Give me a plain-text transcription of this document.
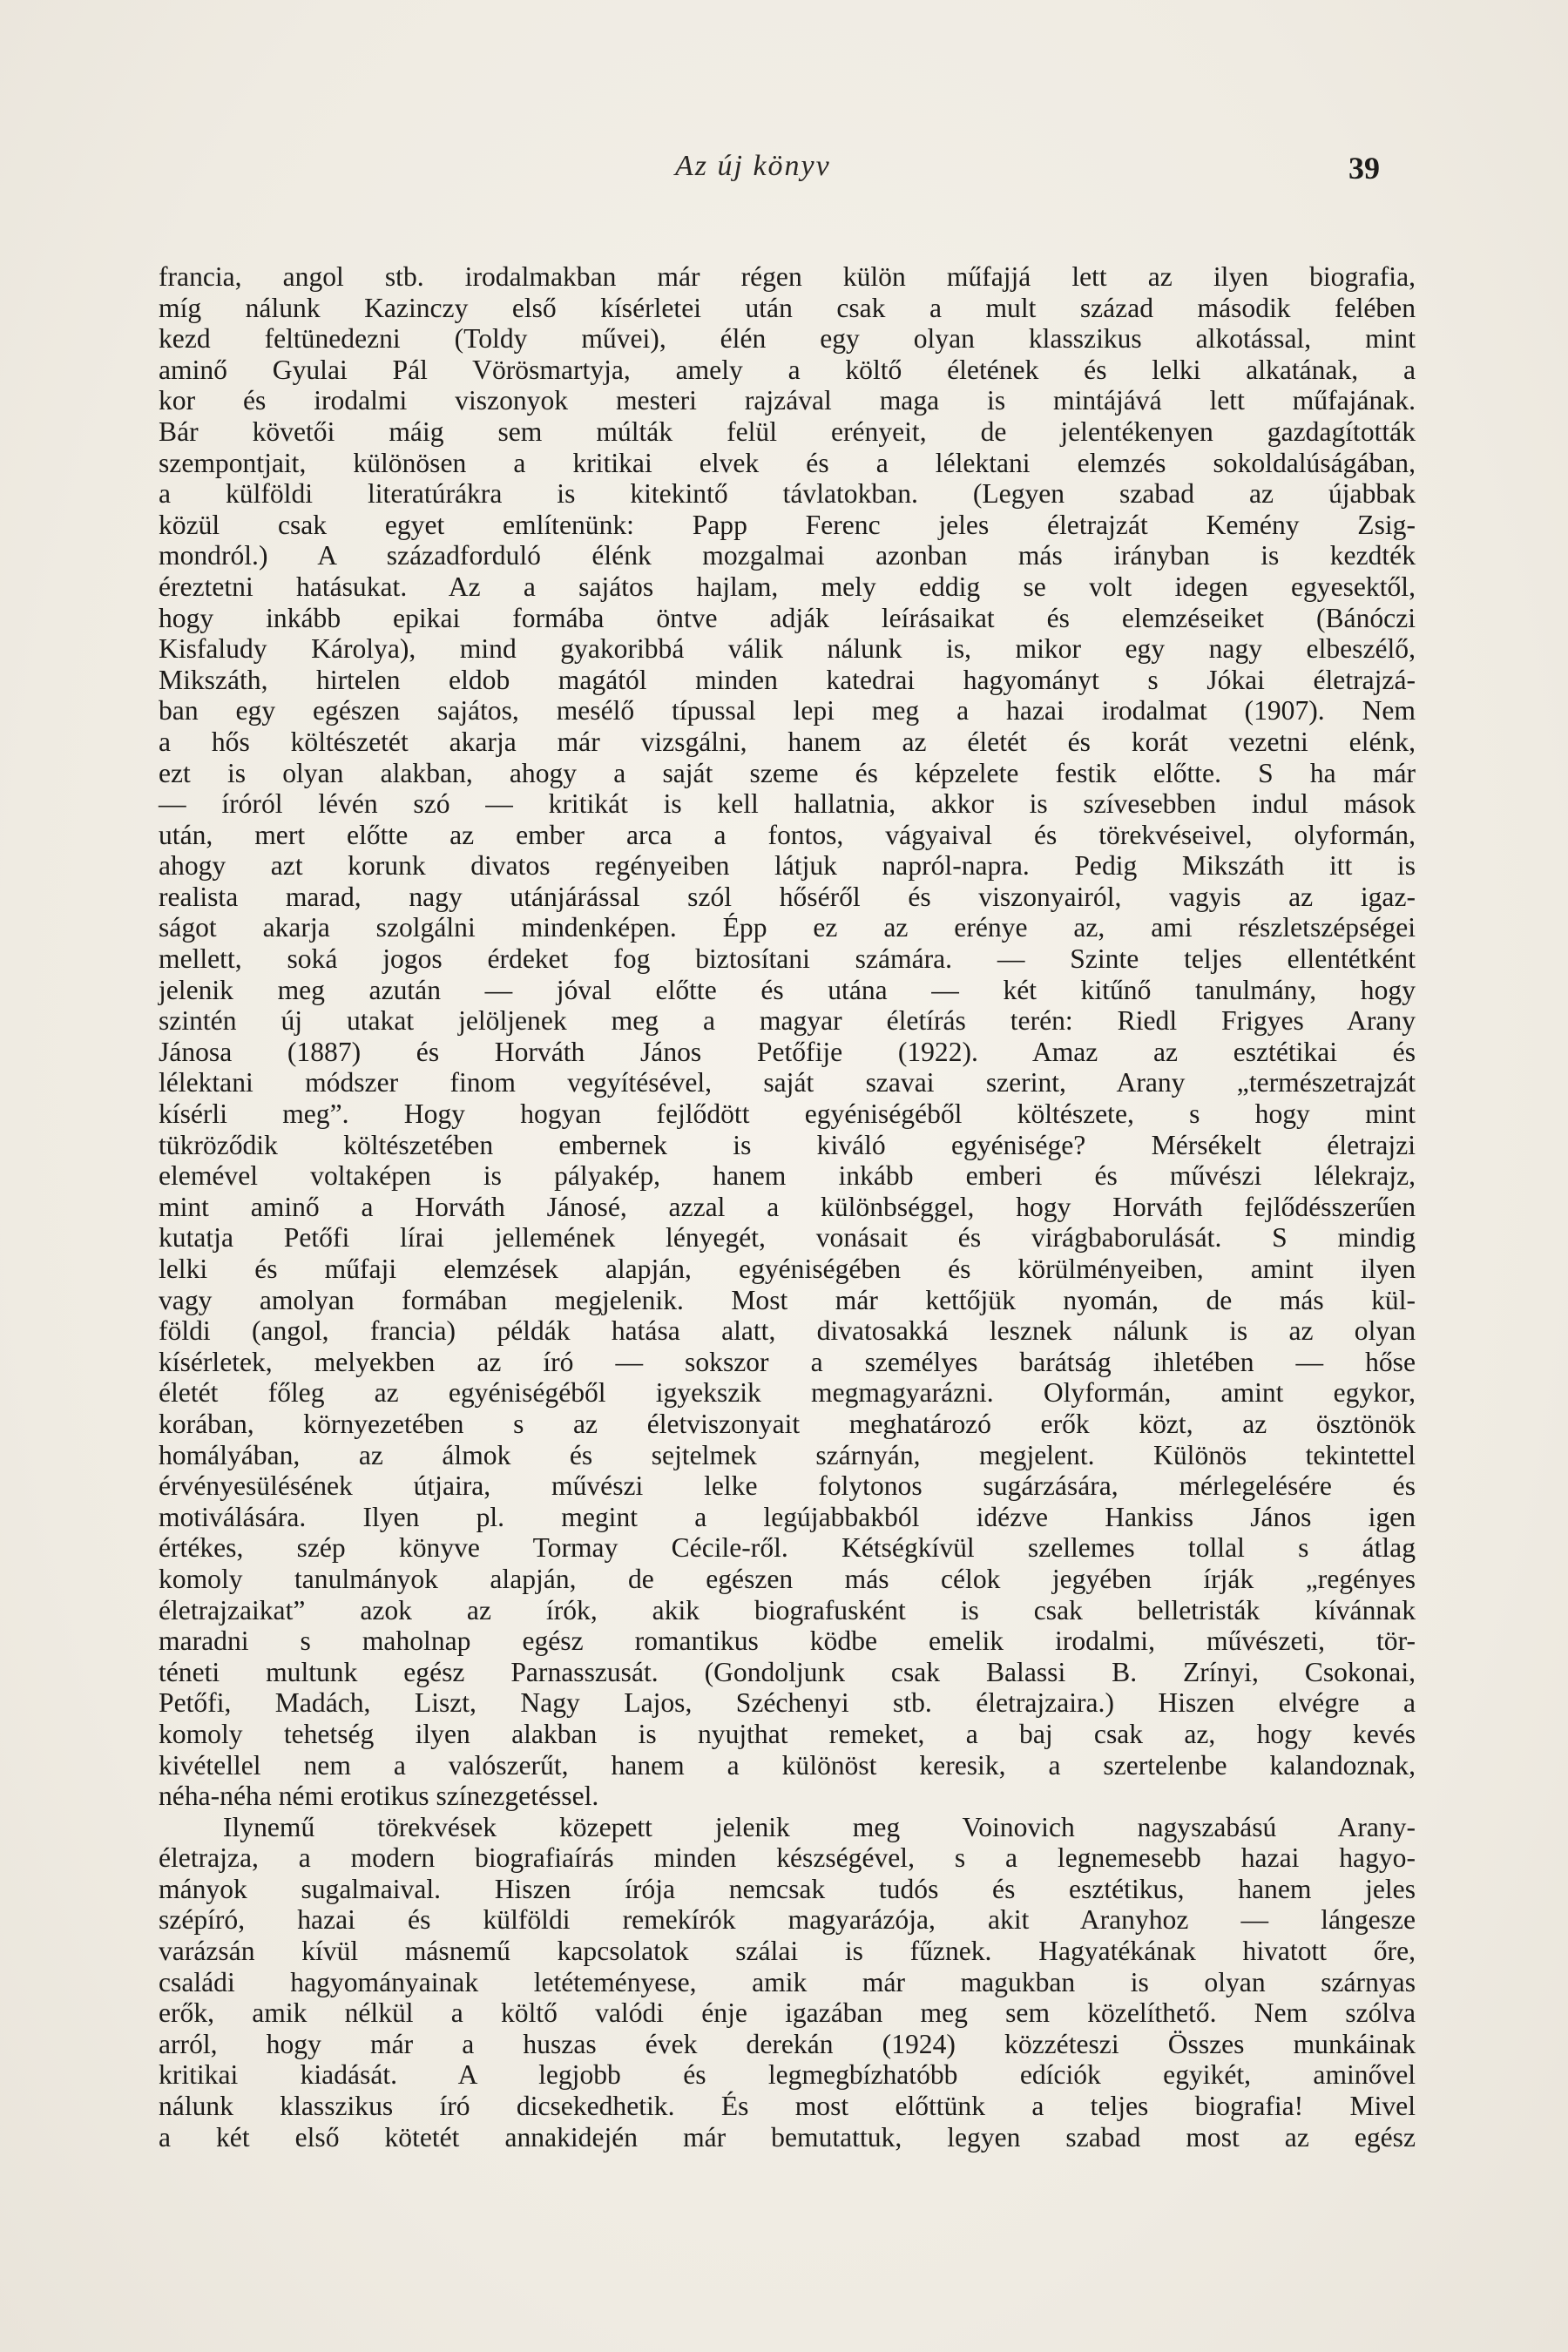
Az új könyv	39
francia, angol stb. irodalmakban már régen külön műfajjá lett az ilyen biografia,
míg nálunk Kazinczy első kísérletei után csak a mult század második felében
kezd feltünedezni (Toldy művei), élén egy olyan klasszikus alkotással, mint
aminő Gyulai Pál Vörösmartyja, amely a költő életének és lelki alkatának, a
kor és irodalmi viszonyok mesteri rajzával maga is mintájává lett műfajának.
Bár követői máig sem múlták felül erényeit, de jelentékenyen gazdagították
szempontjait, különösen a kritikai elvek és a lélektani elemzés sokoldalúságában,
a külföldi literatúrákra is kitekintő távlatokban. (Legyen szabad az újabbak
közül csak egyet említenünk: Papp Ferenc jeles életrajzát Kemény Zsig-
mondról.) A századforduló élénk mozgalmai azonban más irányban is kezdték
éreztetni hatásukat. Az a sajátos hajlam, mely eddig se volt idegen egyesektől,
hogy inkább epikai formába öntve adják leírásaikat és elemzéseiket (Bánóczi
Kisfaludy Károlya), mind gyakoribbá válik nálunk is, mikor egy nagy elbeszélő,
Mikszáth, hirtelen eldob magától minden katedrai hagyományt s Jókai életrajzá-
ban egy egészen sajátos, mesélő típussal lepi meg a hazai irodalmat (1907). Nem
a hős költészetét akarja már vizsgálni, hanem az életét és korát vezetni elénk,
ezt is olyan alakban, ahogy a saját szeme és képzelete festik előtte. S ha már
— íróról lévén szó — kritikát is kell hallatnia, akkor is szívesebben indul mások
után, mert előtte az ember arca a fontos, vágyaival és törekvéseivel, olyformán,
ahogy azt korunk divatos regényeiben látjuk napról-napra. Pedig Mikszáth itt is
realista marad, nagy utánjárással szól hőséről és viszonyairól, vagyis az igaz-
ságot akarja szolgálni mindenképen. Épp ez az erénye az, ami részletszépségei
mellett, soká jogos érdeket fog biztosítani számára. — Szinte teljes ellentétként
jelenik meg azután — jóval előtte és utána — két kitűnő tanulmány, hogy
szintén új utakat jelöljenek meg a magyar életírás terén: Riedl Frigyes Arany
Jánosa (1887) és Horváth János Petőfije (1922). Amaz az esztétikai és
lélektani módszer finom vegyítésével, saját szavai szerint, Arany „természetrajzát
kísérli meg”. Hogy hogyan fejlődött egyéniségéből költészete, s hogy mint
tükröződik költészetében embernek is kiváló egyénisége? Mérsékelt életrajzi
elemével voltaképen is pályakép, hanem inkább emberi és művészi lélekrajz,
mint aminő a Horváth Jánosé, azzal a különbséggel, hogy Horváth fejlődésszerűen
kutatja Petőfi lírai jellemének lényegét, vonásait és virágbaborulását. S mindig
lelki és műfaji elemzések alapján, egyéniségében és körülményeiben, amint ilyen
vagy amolyan formában megjelenik. Most már kettőjük nyomán, de más kül-
földi (angol, francia) példák hatása alatt, divatosakká lesznek nálunk is az olyan
kísérletek, melyekben az író — sokszor a személyes barátság ihletében — hőse
életét főleg az egyéniségéből igyekszik megmagyarázni. Olyformán, amint egykor,
korában, környezetében s az életviszonyait meghatározó erők közt, az ösztönök
homályában, az álmok és sejtelmek szárnyán, megjelent. Különös tekintettel
érvényesülésének útjaira, művészi lelke folytonos sugárzására, mérlegelésére és
motiválására. Ilyen pl. megint a legújabbakból idézve Hankiss János igen
értékes, szép könyve Tormay Cécile-ről. Kétségkívül szellemes tollal s átlag
komoly tanulmányok alapján, de egészen más célok jegyében írják „regényes
életrajzaikat” azok az írók, akik biografusként is csak belletristák kívánnak
maradni s maholnap egész romantikus ködbe emelik irodalmi, művészeti, tör-
téneti multunk egész Parnasszusát. (Gondoljunk csak Balassi B. Zrínyi, Csokonai,
Petőfi, Madách, Liszt, Nagy Lajos, Széchenyi stb. életrajzaira.) Hiszen elvégre a
komoly tehetség ilyen alakban is nyujthat remeket, a baj csak az, hogy kevés
kivétellel nem a valószerűt, hanem a különöst keresik, a szertelenbe kalandoznak,
néha-néha némi erotikus színezgetéssel.
Ilynemű törekvések közepett jelenik meg Voinovich nagyszabású Arany-
életrajza, a modern biografiaírás minden készségével, s a legnemesebb hazai hagyo-
mányok sugalmaival. Hiszen írója nemcsak tudós és esztétikus, hanem jeles
szépíró, hazai és külföldi remekírók magyarázója, akit Aranyhoz — lángesze
varázsán kívül másnemű kapcsolatok szálai is fűznek. Hagyatékának hivatott őre,
családi hagyományainak letéteményese, amik már magukban is olyan szárnyas
erők, amik nélkül a költő valódi énje igazában meg sem közelíthető. Nem szólva
arról, hogy már a huszas évek derekán (1924) közzéteszi Összes munkáinak
kritikai kiadását. A legjobb és legmegbízhatóbb edíciók egyikét, aminővel
nálunk klasszikus író dicsekedhetik. És most előttünk a teljes biografia! Mivel
a két első kötetét annakidején már bemutattuk, legyen szabad most az egész
